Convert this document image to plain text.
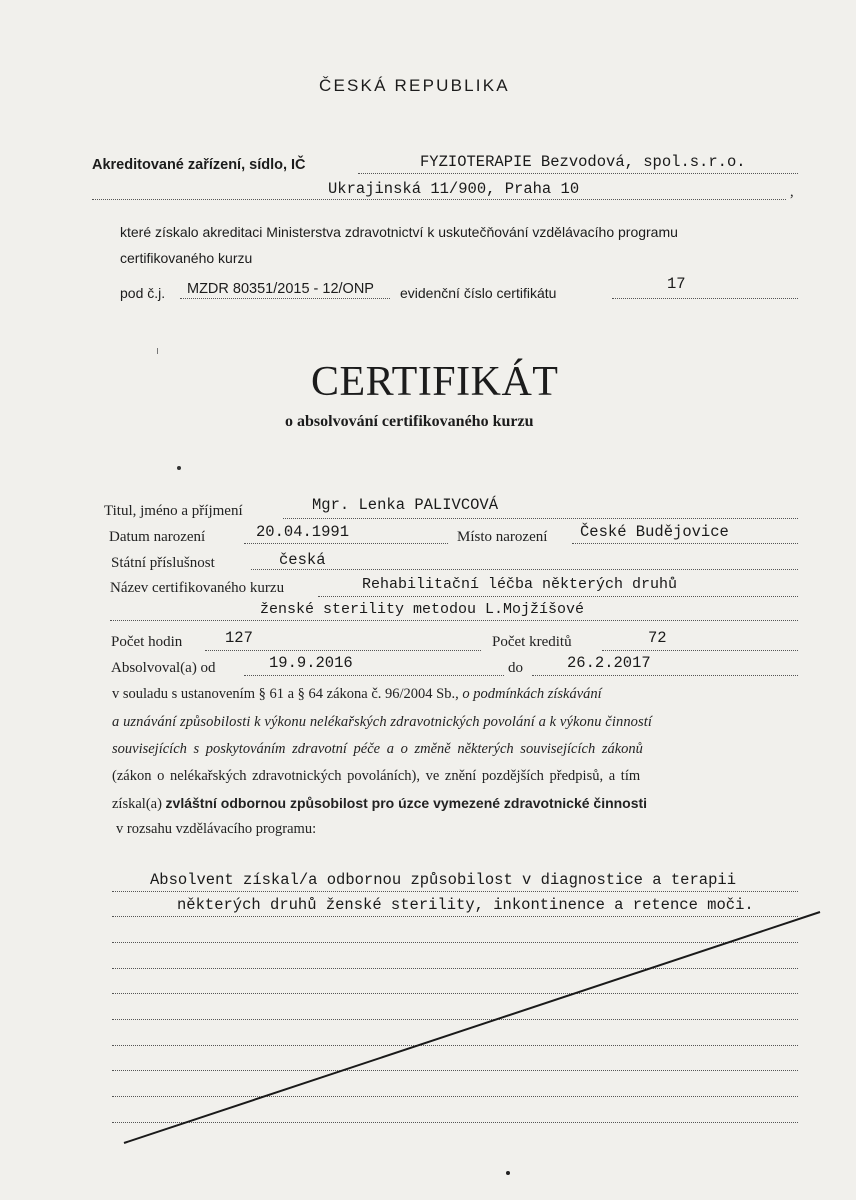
ČESKÁ REPUBLIKA
Akreditované zařízení, sídlo, IČ	FYZIOTERAPIE Bezvodová, spol.s.r.o.
Ukrajinská 11/900, Praha 10	,
které získalo akreditaci Ministerstva zdravotnictví k uskutečňování vzdělávacího programu
certifikovaného kurzu
pod č.j. MZDR 80351/2015 - 12/ONP evidenční číslo certifikátu	17
CERTIFIKÁT
o absolvování certifikovaného kurzu
Titul, jméno a příjmení	Mgr. Lenka PALIVCOVÁ
Datum narození	20.04.1991	Místo narození České Budějovice
Státní příslušnost	česká
Název certifikovaného kurzu	Rehabilitační léčba některých druhů
ženské sterility metodou L.Mojžíšové
Počet hodin	127	Počet kreditů	72
Absolvoval(a) od	19.9.2016	do	26.2.2017
v souladu s ustanovením § 61 a § 64 zákona č. 96/2004 Sb., o podmínkách získávání
a uznávání způsobilosti k výkonu nelékařských zdravotnických povolání a k výkonu činností
souvisejících s poskytováním zdravotní péče a o změně některých souvisejících zákonů
(zákon o nelékařských zdravotnických povoláních), ve znění pozdějších předpisů, a tím
získal(a) zvláštní odbornou způsobilost pro úzce vymezené zdravotnické činnosti
v rozsahu vzdělávacího programu:
Absolvent získal/a odbornou způsobilost v diagnostice a terapii
některých druhů ženské sterility, inkontinence a retence moči.
